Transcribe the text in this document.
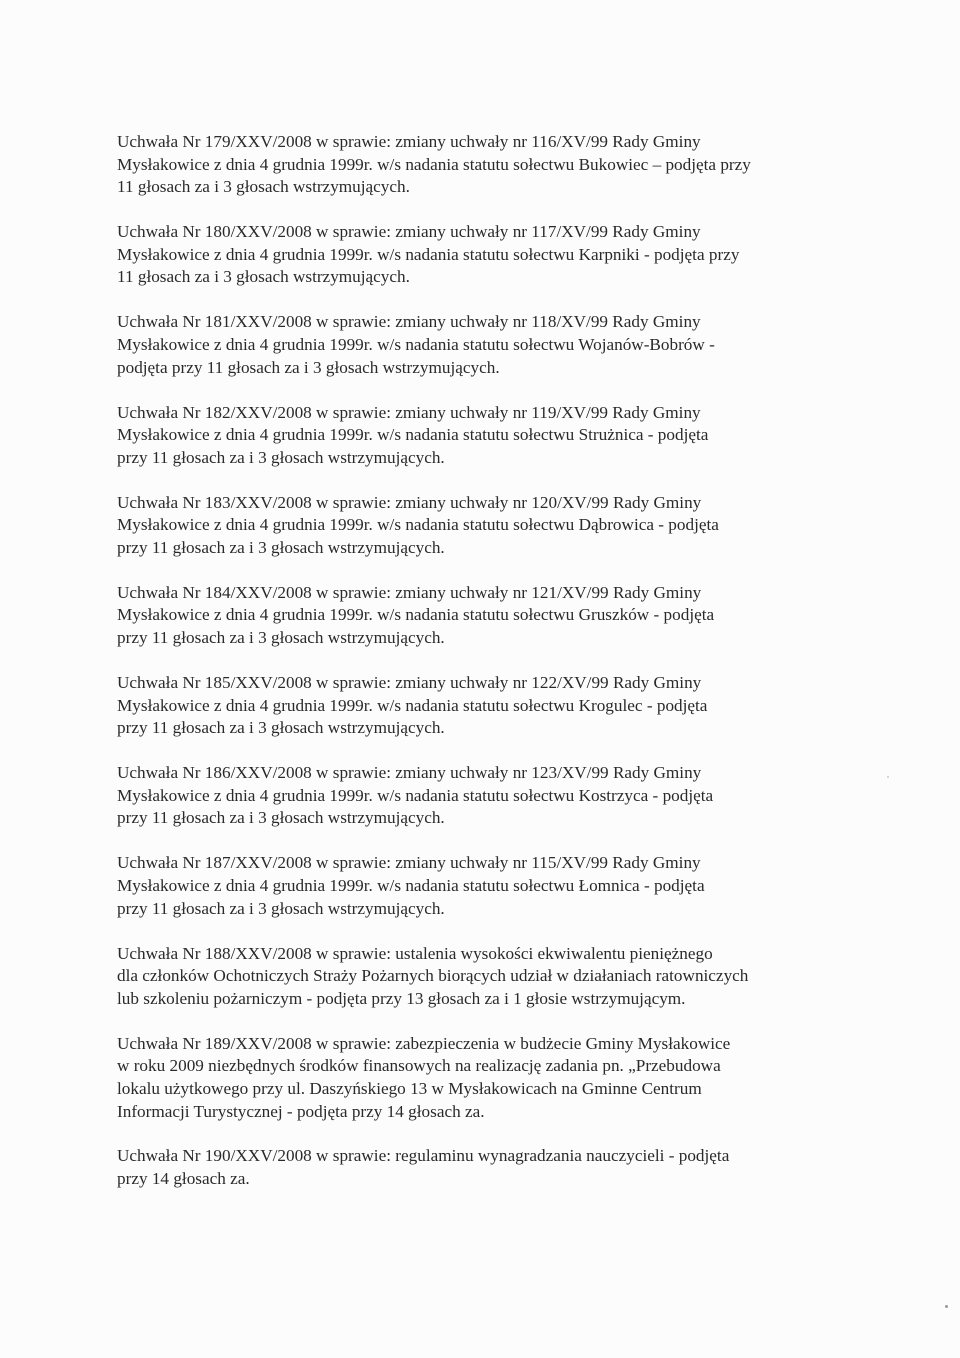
Uchwała Nr 179/XXV/2008 w sprawie: zmiany uchwały nr 116/XV/99 Rady Gminy
Mysłakowice z dnia 4 grudnia 1999r. w/s nadania statutu sołectwu Bukowiec – podjęta przy
11 głosach za i 3 głosach wstrzymujących.

Uchwała Nr 180/XXV/2008 w sprawie: zmiany uchwały nr 117/XV/99 Rady Gminy
Mysłakowice z dnia 4 grudnia 1999r. w/s nadania statutu sołectwu Karpniki - podjęta przy
11 głosach za i 3 głosach wstrzymujących.

Uchwała Nr 181/XXV/2008 w sprawie: zmiany uchwały nr 118/XV/99 Rady Gminy
Mysłakowice z dnia 4 grudnia 1999r. w/s nadania statutu sołectwu Wojanów-Bobrów -
podjęta przy 11 głosach za i 3 głosach wstrzymujących.

Uchwała Nr 182/XXV/2008 w sprawie: zmiany uchwały nr 119/XV/99 Rady Gminy
Mysłakowice z dnia 4 grudnia 1999r. w/s nadania statutu sołectwu Strużnica - podjęta
przy 11 głosach za i 3 głosach wstrzymujących.

Uchwała Nr 183/XXV/2008 w sprawie: zmiany uchwały nr 120/XV/99 Rady Gminy
Mysłakowice z dnia 4 grudnia 1999r. w/s nadania statutu sołectwu Dąbrowica - podjęta
przy 11 głosach za i 3 głosach wstrzymujących.

Uchwała Nr 184/XXV/2008 w sprawie: zmiany uchwały nr 121/XV/99 Rady Gminy
Mysłakowice z dnia 4 grudnia 1999r. w/s nadania statutu sołectwu Gruszków - podjęta
przy 11 głosach za i 3 głosach wstrzymujących.

Uchwała Nr 185/XXV/2008 w sprawie: zmiany uchwały nr 122/XV/99 Rady Gminy
Mysłakowice z dnia 4 grudnia 1999r. w/s nadania statutu sołectwu Krogulec - podjęta
przy 11 głosach za i 3 głosach wstrzymujących.

Uchwała Nr 186/XXV/2008 w sprawie: zmiany uchwały nr 123/XV/99 Rady Gminy
Mysłakowice z dnia 4 grudnia 1999r. w/s nadania statutu sołectwu Kostrzyca - podjęta
przy 11 głosach za i 3 głosach wstrzymujących.

Uchwała Nr 187/XXV/2008 w sprawie: zmiany uchwały nr 115/XV/99 Rady Gminy
Mysłakowice z dnia 4 grudnia 1999r. w/s nadania statutu sołectwu Łomnica - podjęta
przy 11 głosach za i 3 głosach wstrzymujących.

Uchwała Nr 188/XXV/2008 w sprawie: ustalenia wysokości ekwiwalentu pieniężnego
dla członków Ochotniczych Straży Pożarnych biorących udział w działaniach ratowniczych
lub szkoleniu pożarniczym - podjęta przy 13 głosach za i 1 głosie wstrzymującym.

Uchwała Nr 189/XXV/2008 w sprawie: zabezpieczenia w budżecie Gminy Mysłakowice
w roku 2009 niezbędnych środków finansowych na realizację zadania pn. „Przebudowa
lokalu użytkowego przy ul. Daszyńskiego 13 w Mysłakowicach na Gminne Centrum
Informacji Turystycznej - podjęta przy 14 głosach za.

Uchwała Nr 190/XXV/2008 w sprawie: regulaminu wynagradzania nauczycieli - podjęta
przy 14 głosach za.
